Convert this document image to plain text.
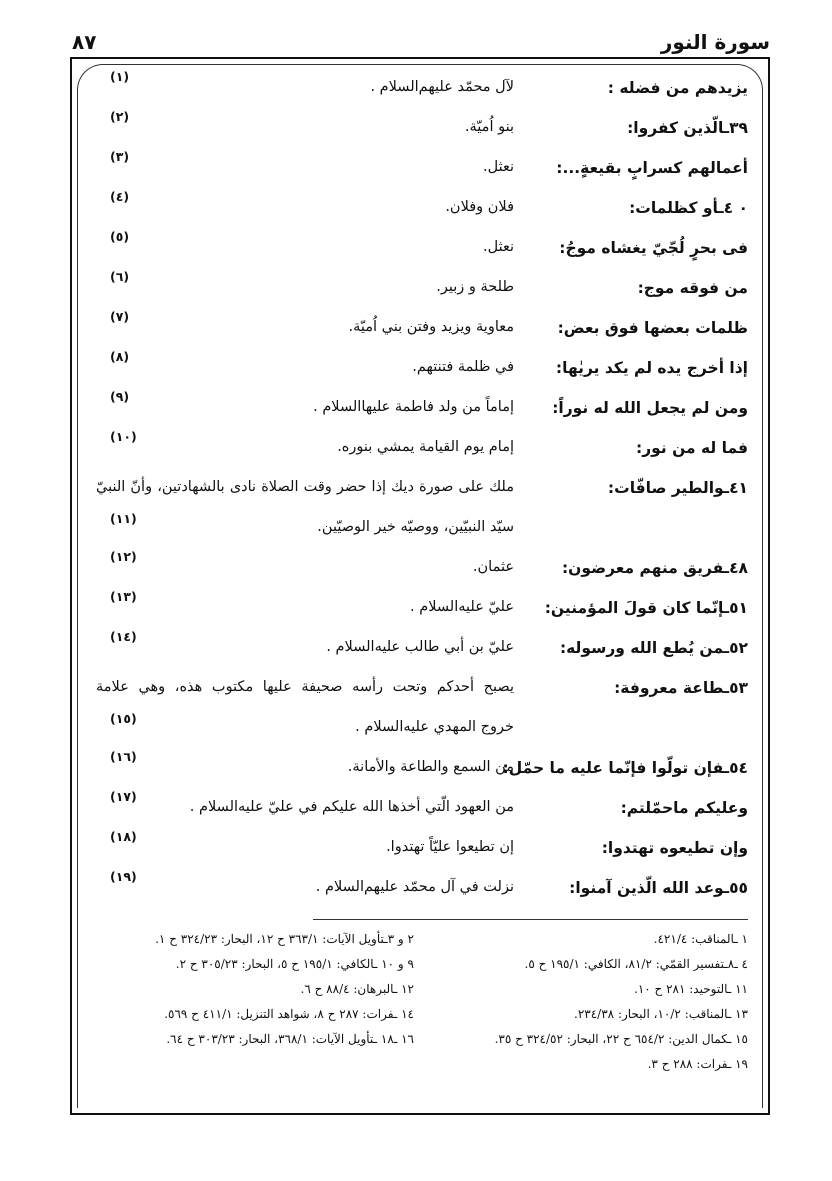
سورة النور
٨٧
يزيدهم من فضله :
لآل محمّد عليهم‌السلام .
(١)
٣٩ـالّذين كفروا:
بنو اُميّة.
(٢)
أعمالهم كسرابٍ بقيعةٍ...:
نعثل.
(٣)
٠ ٤ـأو كظلمات:
فلان وفلان.
(٤)
فى بحرٍ لُجّيّ يغشاه موجُ:
نعثل.
(٥)
من فوقه موج:
طلحة و زبير.
(٦)
ظلمات بعضها فوق بعض:
معاوية ويزيد وفتن بني اُميّة.
(٧)
إذا أخرج يده لم يكد يريٰها:
في ظلمة فتنتهم.
(٨)
ومن لم يجعل الله له نوراً:
إماماً من ولد فاطمة عليهاالسلام .
(٩)
فما له من نور:
إمام يوم القيامة يمشي بنوره.
(١٠)
٤١ـوالطير صافّات:
ملك على صورة ديك إذا حضر وقت الصلاة نادى بالشهادتين، وأنّ النبيّ
سيّد النبيّين، ووصيّه خير الوصيّين.
(١١)
٤٨ـفريق منهم معرضون:
عثمان.
(١٢)
٥١ـإنّما كان قولَ المؤمنين:
عليّ عليه‌السلام .
(١٣)
٥٢ـمن يُطع الله ورسوله:
عليّ بن أبي طالب عليه‌السلام .
(١٤)
٥٣ـطاعة معروفة:
يصبح أحدكم وتحت رأسه صحيفة عليها مكتوب هذه، وهي علامة
خروج المهدي عليه‌السلام .
(١٥)
٥٤ـفإن تولّوا فإنّما عليه ما حمّل:
من السمع والطاعة والأمانة.
(١٦)
وعليكم ماحمّلتم:
من العهود الّتي أخذها الله عليكم في عليّ عليه‌السلام .
(١٧)
وإن تطيعوه تهتدوا:
إن تطيعوا عليّاً تهتدوا.
(١٨)
٥٥ـوعد الله الّذين آمنوا:
نزلت في آل محمّد عليهم‌السلام .
(١٩)
١ ـالمناقب: ٤٢١/٤.
٤ ـ٨ـتفسير القمّي: ٨١/٢، الكافي: ١٩٥/١ ح ٥.
١١ ـالتوحيد: ٢٨١ ح ١٠.
١٣ ـالمناقب: ١٠/٢، البحار: ٢٣٤/٣٨.
١٥ ـكمال الدين: ٦٥٤/٢ ح ٢٢، البحار: ٣٢٤/٥٢ ح ٣٥.
١٩ ـفرات: ٢٨٨ ح ٣.
٢ و ٣ـتأويل الآيات: ٣٦٣/١ ح ١٢، البحار: ٣٢٤/٢٣ ح ١.
٩ و ١٠ ـالكافي: ١٩٥/١ ح ٥، البحار: ٣٠٥/٢٣ ح ٢.
١٢ ـالبرهان: ٨٨/٤ ح ٦.
١٤ ـفرات: ٢٨٧ ح ٨، شواهد التنزيل: ٤١١/١ ح ٥٦٩.
١٦ ـ١٨ ـتأويل الآيات: ٣٦٨/١، البحار: ٣٠٣/٢٣ ح ٦٤.
